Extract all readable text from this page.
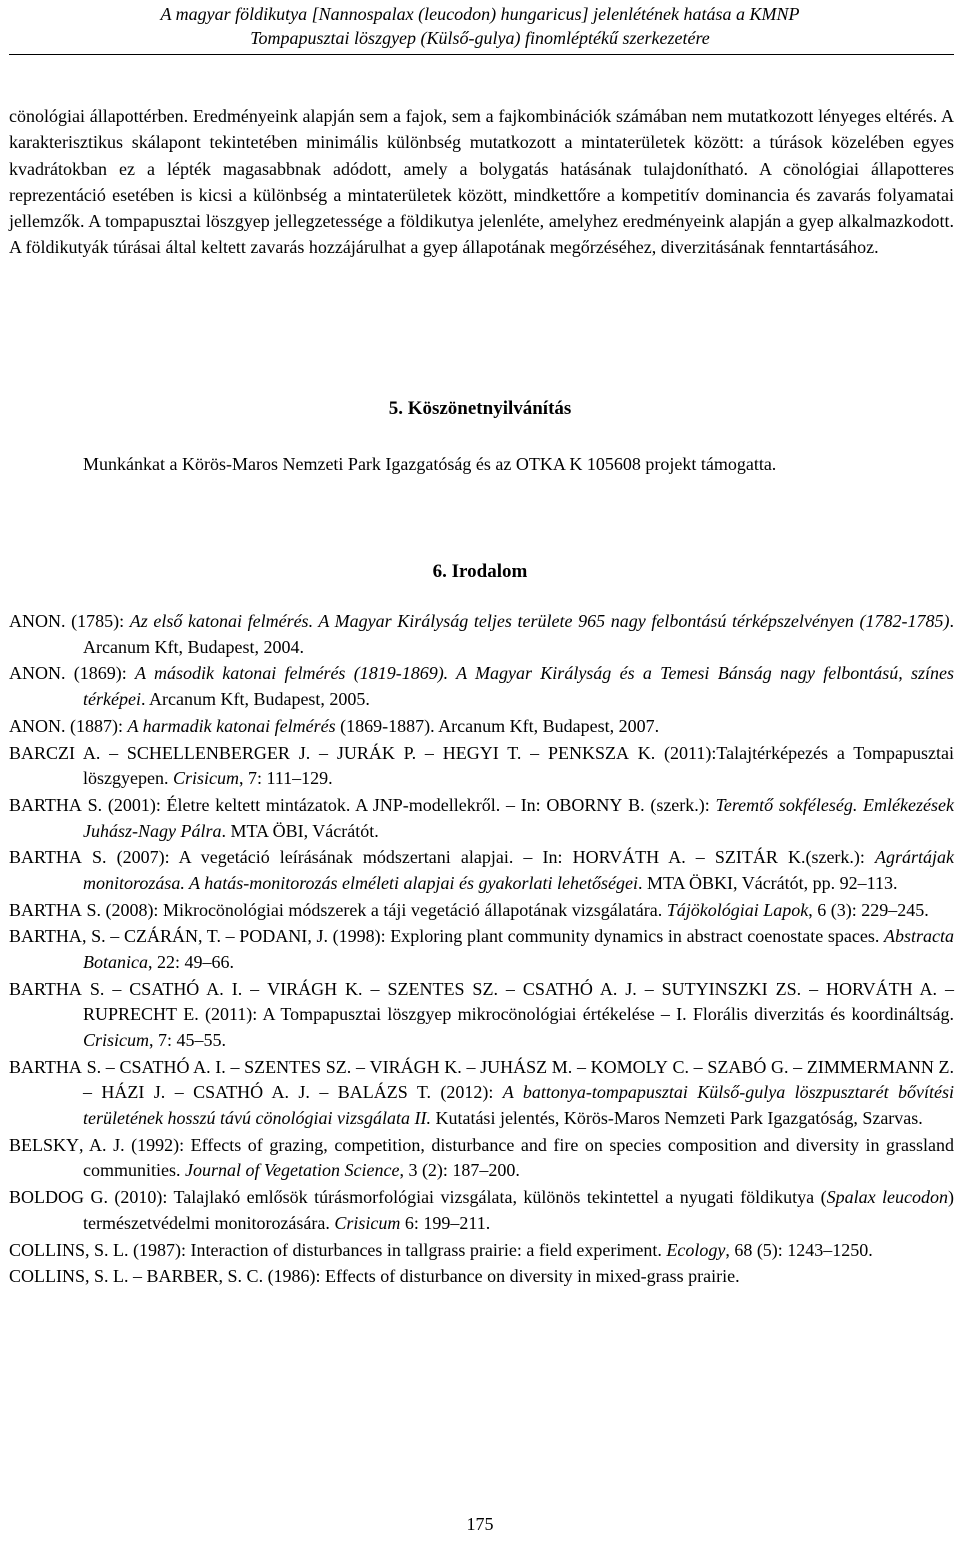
A magyar földikutya [Nannospalax (leucodon) hungaricus] jelenlétének hatása a KMNP
Tompapusztai löszgyep (Külső-gulya) finomléptékű szerkezetére
cönológiai állapottérben. Eredményeink alapján sem a fajok, sem a fajkombinációk számában nem mutatkozott lényeges eltérés. A karakterisztikus skálapont tekintetében minimális különbség mutatkozott a mintaterületek között: a túrások közelében egyes kvadrátokban ez a lépték magasabbnak adódott, amely a bolygatás hatásának tulajdonítható. A cönológiai állapotteres reprezentáció esetében is kicsi a különbség a mintaterületek között, mindkettőre a kompetitív dominancia és zavarás folyamatai jellemzők. A tompapusztai löszgyep jellegzetessége a földikutya jelenléte, amelyhez eredményeink alapján a gyep alkalmazkodott. A földikutyák túrásai által keltett zavarás hozzájárulhat a gyep állapotának megőrzéséhez, diverzitásának fenntartásához.
5. Köszönetnyilvánítás
Munkánkat a Körös-Maros Nemzeti Park Igazgatóság és az OTKA K 105608 projekt támogatta.
6. Irodalom
ANON. (1785): Az első katonai felmérés. A Magyar Királyság teljes területe 965 nagy felbontású térképszelvényen (1782-1785). Arcanum Kft, Budapest, 2004.
ANON. (1869): A második katonai felmérés (1819-1869). A Magyar Királyság és a Temesi Bánság nagy felbontású, színes térképei. Arcanum Kft, Budapest, 2005.
ANON. (1887): A harmadik katonai felmérés (1869-1887). Arcanum Kft, Budapest, 2007.
BARCZI A. – SCHELLENBERGER J. – JURÁK P. – HEGYI T. – PENKSZA K. (2011):Talajtérképezés a Tompapusztai löszgyepen. Crisicum, 7: 111–129.
BARTHA S. (2001): Életre keltett mintázatok. A JNP-modellekről. – In: OBORNY B. (szerk.): Teremtő sokféleség. Emlékezések Juhász-Nagy Pálra. MTA ÖBI, Vácrátót.
BARTHA S. (2007): A vegetáció leírásának módszertani alapjai. – In: HORVÁTH A. – SZITÁR K.(szerk.): Agrártájak monitorozása. A hatás-monitorozás elméleti alapjai és gyakorlati lehetőségei. MTA ÖBKI, Vácrátót, pp. 92–113.
BARTHA S. (2008): Mikrocönológiai módszerek a táji vegetáció állapotának vizsgálatára. Tájökológiai Lapok, 6 (3): 229–245.
BARTHA, S. – CZÁRÁN, T. – PODANI, J. (1998): Exploring plant community dynamics in abstract coenostate spaces. Abstracta Botanica, 22: 49–66.
BARTHA S. – CSATHÓ A. I. – VIRÁGH K. – SZENTES SZ. – CSATHÓ A. J. – SUTYINSZKI ZS. – HORVÁTH A. – RUPRECHT E. (2011): A Tompapusztai löszgyep mikrocönológiai értékelése – I. Florális diverzitás és koordináltság. Crisicum, 7: 45–55.
BARTHA S. – CSATHÓ A. I. – SZENTES SZ. – VIRÁGH K. – JUHÁSZ M. – KOMOLY C. – SZABÓ G. – ZIMMERMANN Z. – HÁZI J. – CSATHÓ A. J. – BALÁZS T. (2012): A battonya-tompapusztai Külső-gulya löszpusztarét bővítési területének hosszú távú cönológiai vizsgálata II. Kutatási jelentés, Körös-Maros Nemzeti Park Igazgatóság, Szarvas.
BELSKY, A. J. (1992): Effects of grazing, competition, disturbance and fire on species composition and diversity in grassland communities. Journal of Vegetation Science, 3 (2): 187–200.
BOLDOG G. (2010): Talajlakó emlősök túrásmorfológiai vizsgálata, különös tekintettel a nyugati földikutya (Spalax leucodon) természetvédelmi monitorozására. Crisicum 6: 199–211.
COLLINS, S. L. (1987): Interaction of disturbances in tallgrass prairie: a field experiment. Ecology, 68 (5): 1243–1250.
COLLINS, S. L. – BARBER, S. C. (1986): Effects of disturbance on diversity in mixed-grass prairie.
175
